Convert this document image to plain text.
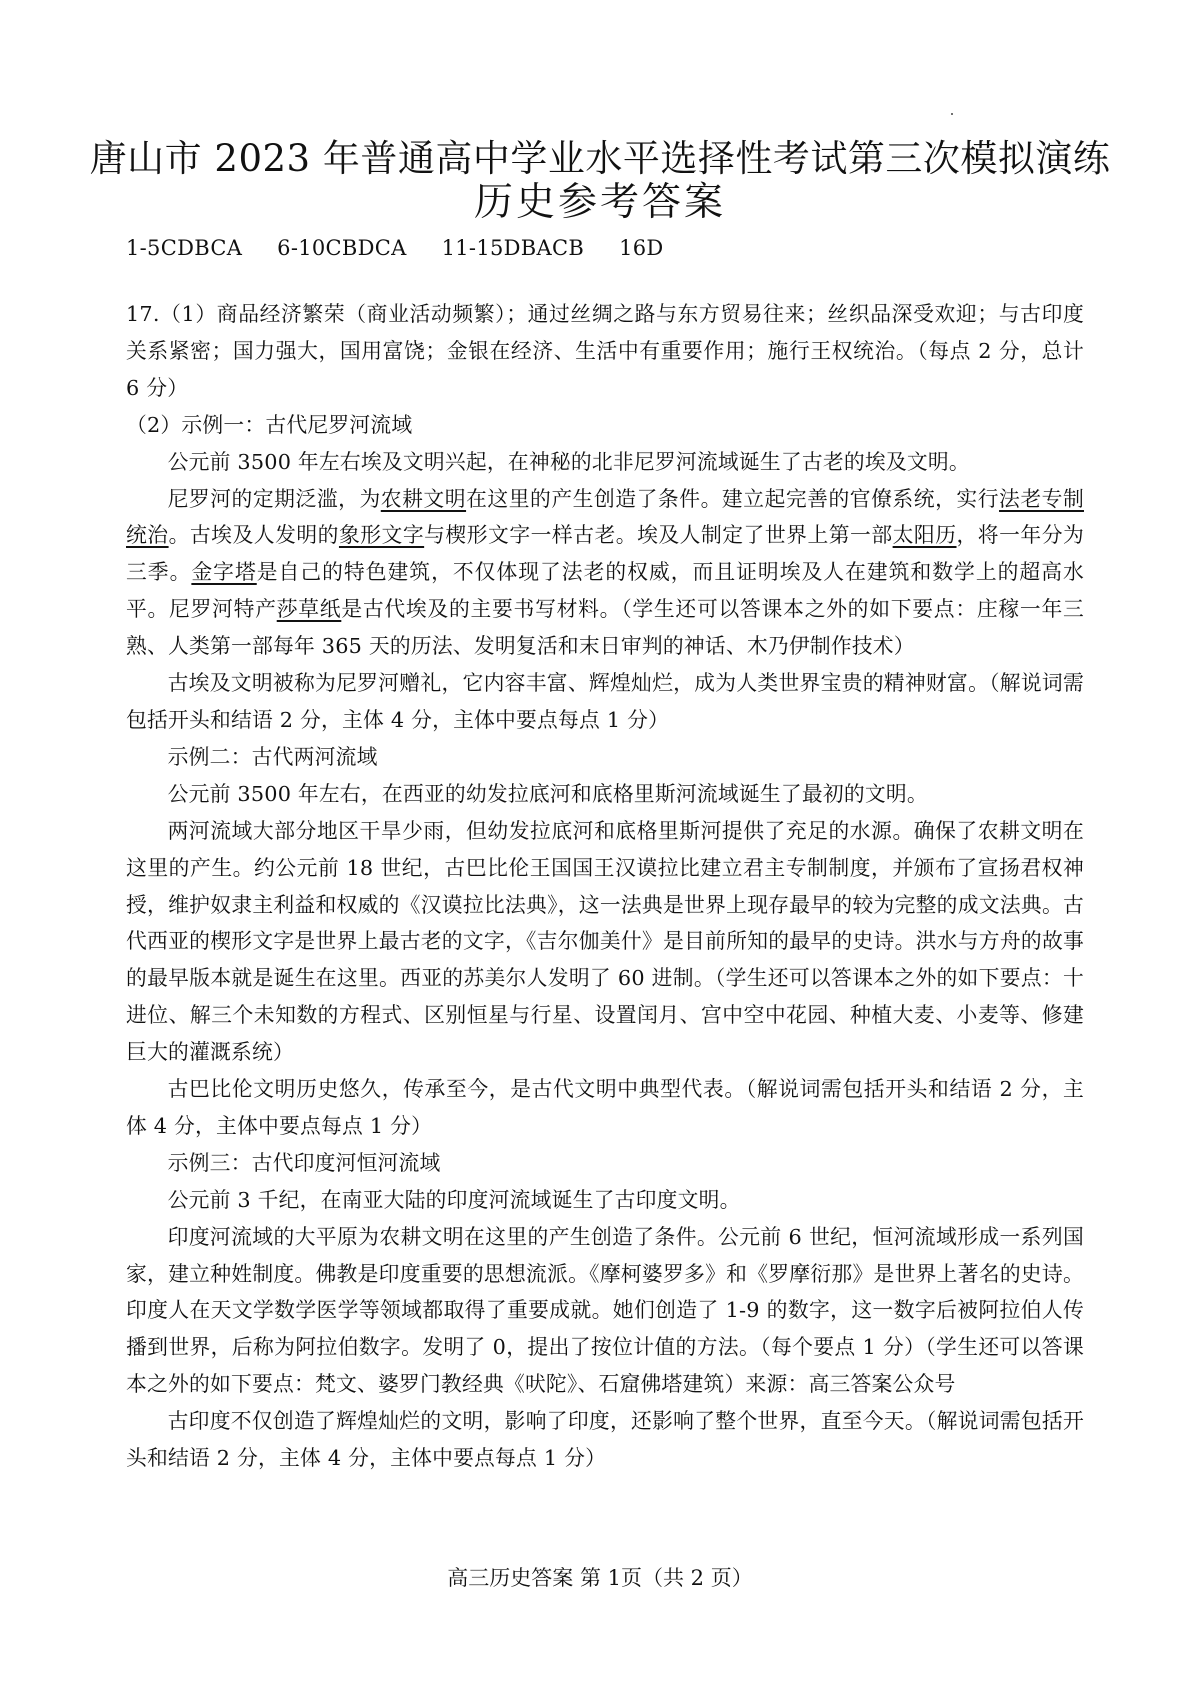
唐山市 2023 年普通高中学业水平选择性考试第三次模拟演练
历史参考答案
1-5CDBCA 6-10CBDCA 11-15DBACB 16D

17.（1）商品经济繁荣（商业活动频繁）；通过丝绸之路与东方贸易往来；丝织品深受欢迎；与古印度关系紧密；国力强大，国用富饶；金银在经济、生活中有重要作用；施行王权统治。（每点 2 分，总计 6 分）

（2）示例一：古代尼罗河流域

公元前 3500 年左右埃及文明兴起，在神秘的北非尼罗河流域诞生了古老的埃及文明。

尼罗河的定期泛滥，为农耕文明在这里的产生创造了条件。建立起完善的官僚系统，实行法老专制统治。古埃及人发明的象形文字与楔形文字一样古老。埃及人制定了世界上第一部太阳历，将一年分为三季。金字塔是自己的特色建筑，不仅体现了法老的权威，而且证明埃及人在建筑和数学上的超高水平。尼罗河特产莎草纸是古代埃及的主要书写材料。（学生还可以答课本之外的如下要点：庄稼一年三熟、人类第一部每年 365 天的历法、发明复活和末日审判的神话、木乃伊制作技术）

古埃及文明被称为尼罗河赠礼，它内容丰富、辉煌灿烂，成为人类世界宝贵的精神财富。（解说词需包括开头和结语 2 分，主体 4 分，主体中要点每点 1 分）

示例二：古代两河流域

公元前 3500 年左右，在西亚的幼发拉底河和底格里斯河流域诞生了最初的文明。

两河流域大部分地区干旱少雨，但幼发拉底河和底格里斯河提供了充足的水源。确保了农耕文明在这里的产生。约公元前 18 世纪，古巴比伦王国国王汉谟拉比建立君主专制制度，并颁布了宣扬君权神授，维护奴隶主利益和权威的《汉谟拉比法典》，这一法典是世界上现存最早的较为完整的成文法典。古代西亚的楔形文字是世界上最古老的文字，《吉尔伽美什》是目前所知的最早的史诗。洪水与方舟的故事的最早版本就是诞生在这里。西亚的苏美尔人发明了 60 进制。（学生还可以答课本之外的如下要点：十进位、解三个未知数的方程式、区别恒星与行星、设置闰月、宫中空中花园、种植大麦、小麦等、修建巨大的灌溉系统）

古巴比伦文明历史悠久，传承至今，是古代文明中典型代表。（解说词需包括开头和结语 2 分，主体 4 分，主体中要点每点 1 分）

示例三：古代印度河恒河流域

公元前 3 千纪，在南亚大陆的印度河流域诞生了古印度文明。

印度河流域的大平原为农耕文明在这里的产生创造了条件。公元前 6 世纪，恒河流域形成一系列国家，建立种姓制度。佛教是印度重要的思想流派。《摩柯婆罗多》和《罗摩衍那》是世界上著名的史诗。印度人在天文学数学医学等领域都取得了重要成就。她们创造了 1-9 的数字，这一数字后被阿拉伯人传播到世界，后称为阿拉伯数字。发明了 0，提出了按位计值的方法。（每个要点 1 分）（学生还可以答课本之外的如下要点：梵文、婆罗门教经典《吠陀》、石窟佛塔建筑）来源：高三答案公众号

古印度不仅创造了辉煌灿烂的文明，影响了印度，还影响了整个世界，直至今天。（解说词需包括开头和结语 2 分，主体 4 分，主体中要点每点 1 分）

高三历史答案 第 1页（共 2 页）
